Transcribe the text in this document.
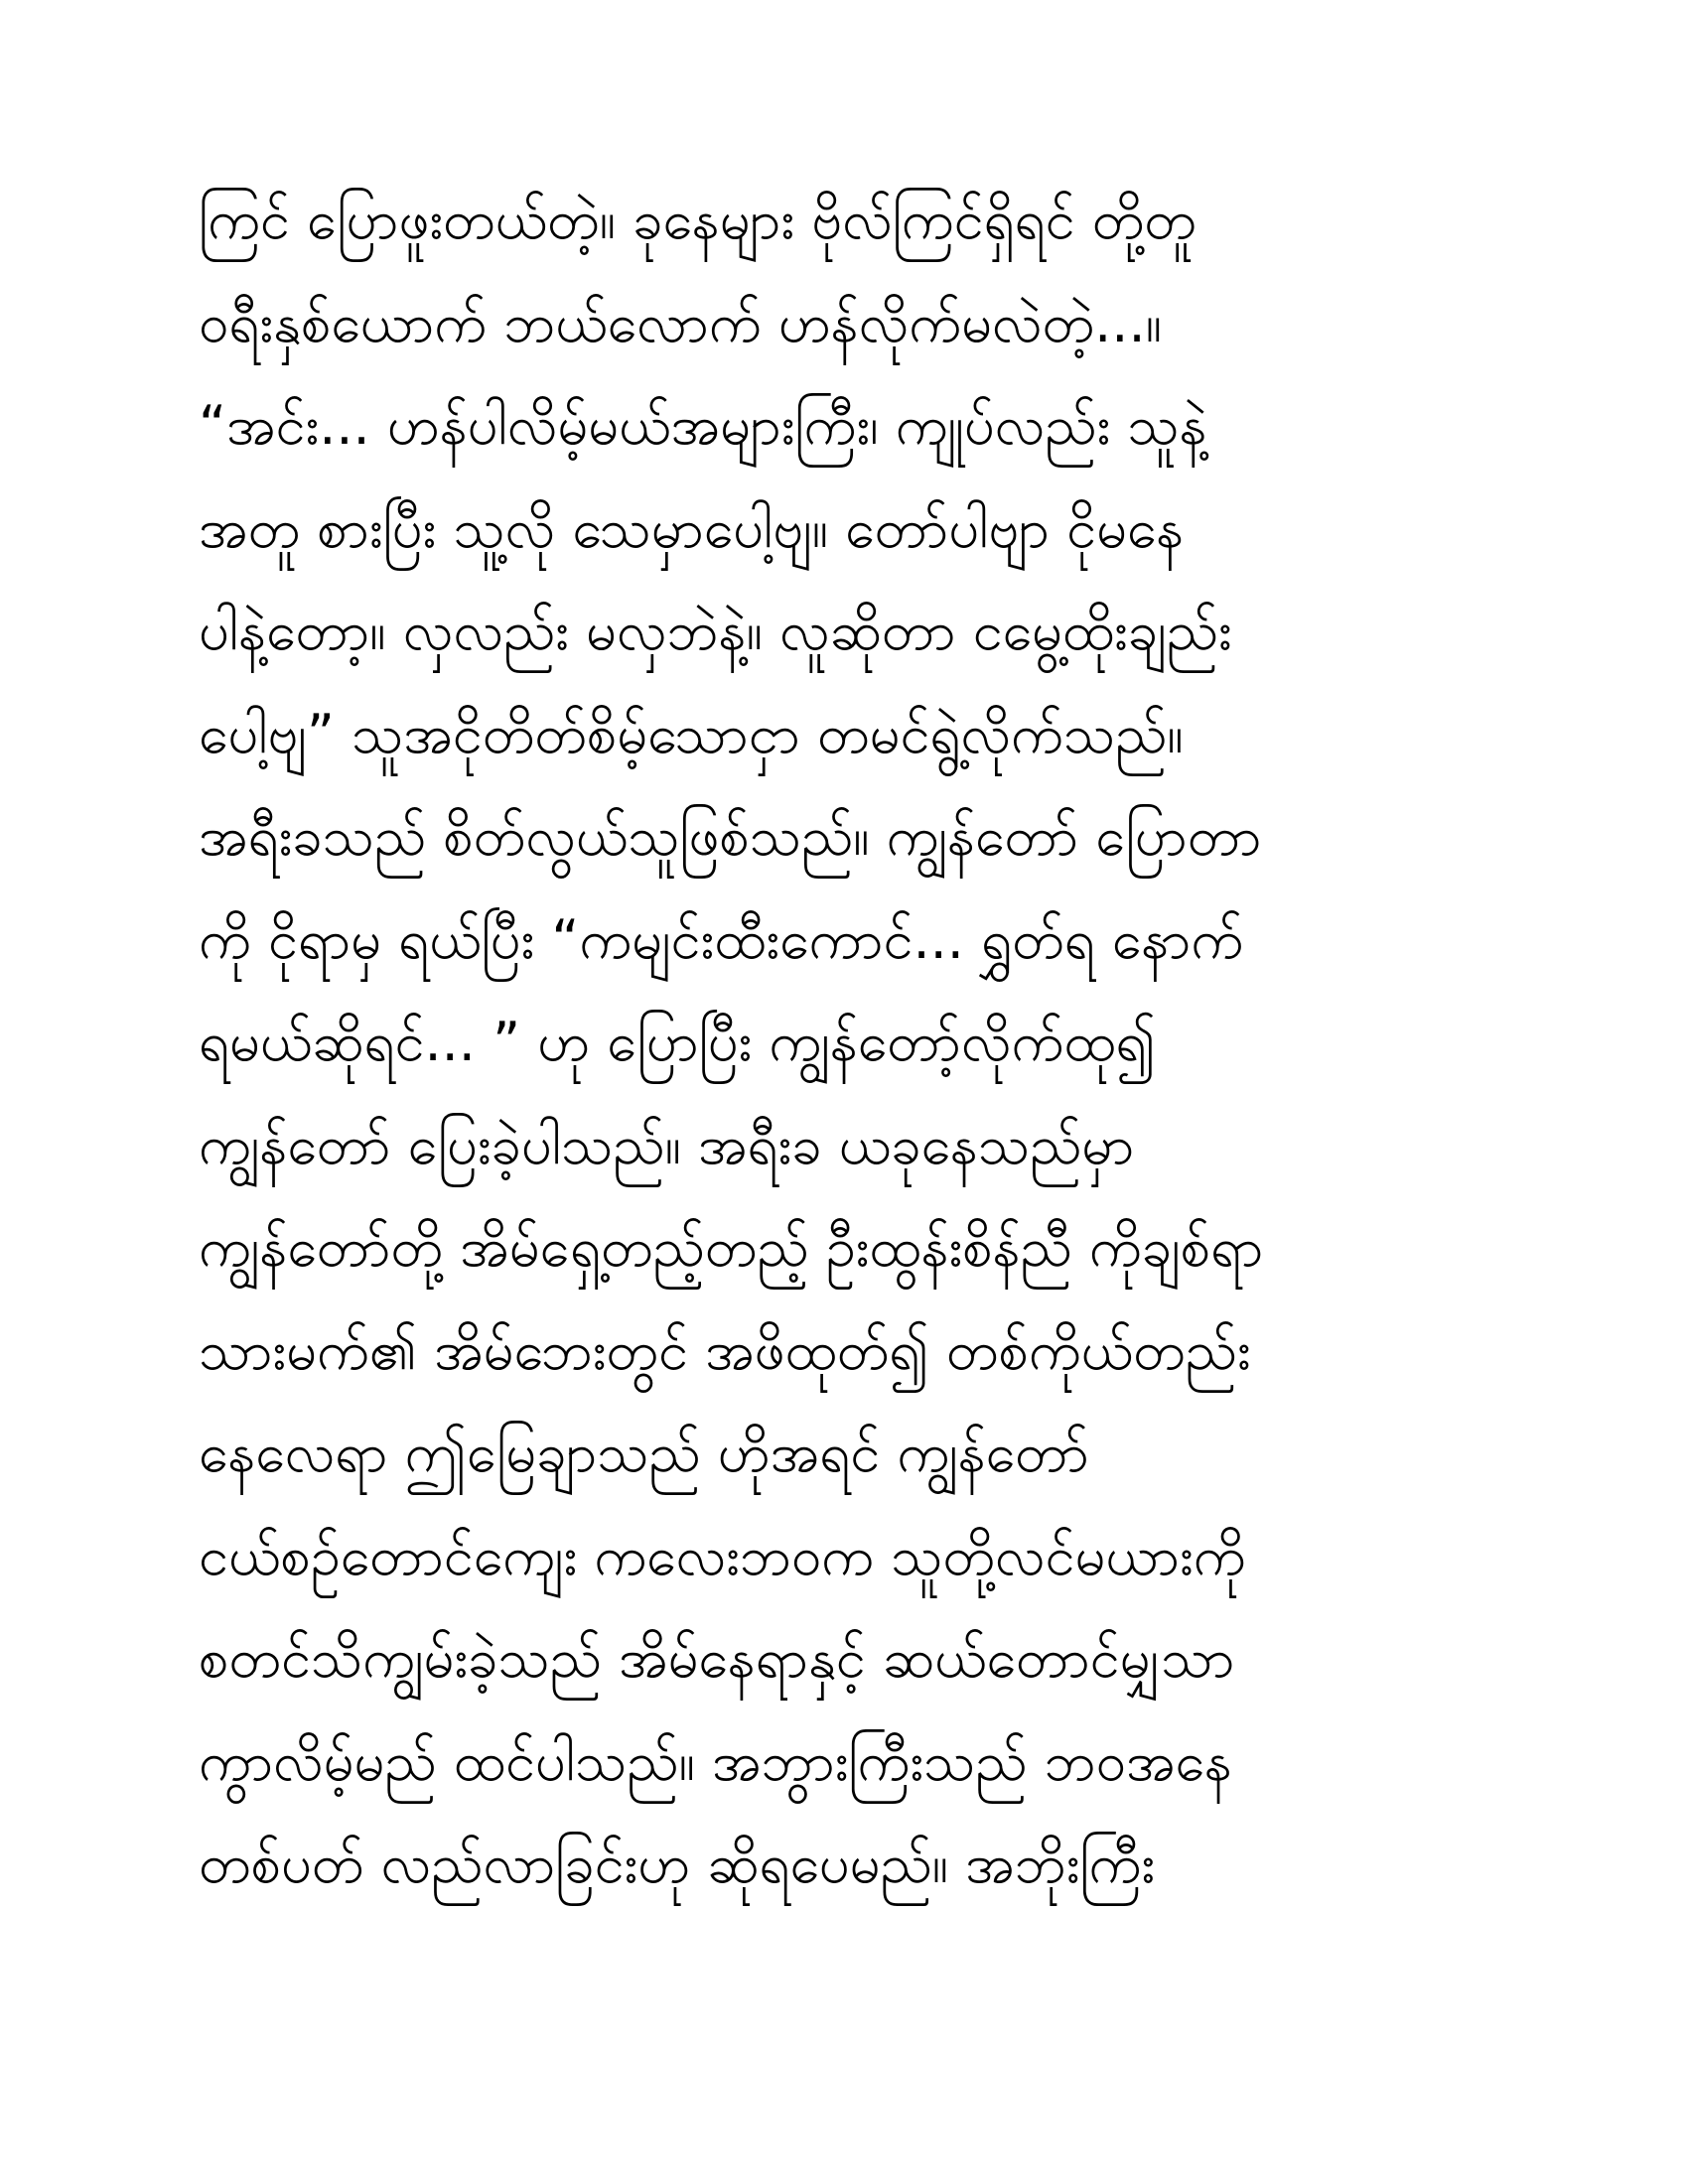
ကြင် ပြောဖူးတယ်တဲ့။ ခုနေများ ဗိုလ်ကြင်ရှိရင် တို့တူ
ဝရီးနှစ်ယောက် ဘယ်လောက် ဟန်လိုက်မလဲတဲ့...။
“အင်း... ဟန်ပါလိမ့်မယ်အများကြီး၊ ကျုပ်လည်း သူနဲ့
အတူ စားပြီး သူ့လို သေမှာပေါ့ဗျ။ တော်ပါဗျာ ငိုမနေ
ပါနဲ့တော့။ လှလည်း မလှဘဲနဲ့။ လူဆိုတာ ငမွေ့ထိုးချည်း
ပေါ့ဗျ” သူအငိုတိတ်စိမ့်သောငှာ တမင်ရွဲ့လိုက်သည်။
အရီးခသည် စိတ်လွယ်သူဖြစ်သည်။ ကျွန်တော် ပြောတာ
ကို ငိုရာမှ ရယ်ပြီး “ကမျင်းထီးကောင်... ရွှတ်ရ နောက်
ရမယ်ဆိုရင်... ” ဟု ပြောပြီး ကျွန်တော့်လိုက်ထု၍
ကျွန်တော် ပြေးခဲ့ပါသည်။ အရီးခ ယခုနေသည်မှာ
ကျွန်တော်တို့ အိမ်ရှေ့တည့်တည့် ဦးထွန်းစိန်ညီ ကိုချစ်ရာ
သားမက်၏ အိမ်ဘေးတွင် အဖိထုတ်၍ တစ်ကိုယ်တည်း
နေလေရာ ဤမြေချာသည် ဟိုအရင် ကျွန်တော်
ငယ်စဉ်တောင်ကျေး ကလေးဘဝက သူတို့လင်မယားကို
စတင်သိကျွမ်းခဲ့သည် အိမ်နေရာနှင့် ဆယ်တောင်မျှသာ
ကွာလိမ့်မည် ထင်ပါသည်။ အဘွားကြီးသည် ဘဝအနေ
တစ်ပတ် လည်လာခြင်းဟု ဆိုရပေမည်။ အဘိုးကြီး
